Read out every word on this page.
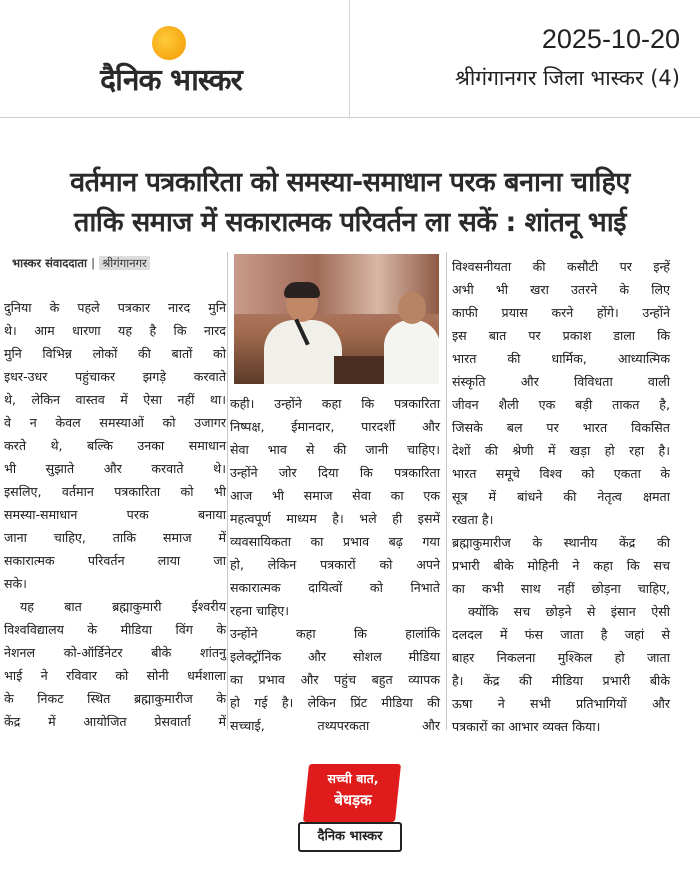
दैनिक भास्कर
2025-10-20
श्रीगंगानगर जिला भास्कर (4)
वर्तमान पत्रकारिता को समस्या-समाधान परक बनाना चाहिए
ताकि समाज में सकारात्मक परिवर्तन ला सकें : शांतनू भाई
भास्कर संवाददाता | श्रीगंगानगर

दुनिया के पहले पत्रकार नारद मुनि

थे। आम धारणा यह है कि नारद

मुनि विभिन्न लोकों की बातों को

इधर-उधर पहुंचाकर झगड़े करवाते

थे, लेकिन वास्तव में ऐसा नहीं था।

वे न केवल समस्याओं को उजागर

करते थे, बल्कि उनका समाधान

भी सुझाते और करवाते थे।

इसलिए, वर्तमान पत्रकारिता को भी

समस्या-समाधान परक बनाया

जाना चाहिए, ताकि समाज में

सकारात्मक परिवर्तन लाया जा

सके।

यह बात ब्रह्माकुमारी ईश्वरीय

विश्वविद्यालय के मीडिया विंग के

नेशनल को-ऑर्डिनेटर बीके शांतनु

भाई ने रविवार को सोनी धर्मशाला

के निकट स्थित ब्रह्माकुमारीज के

केंद्र में आयोजित प्रेसवार्ता में

कही। उन्होंने कहा कि पत्रकारिता

निष्पक्ष, ईमानदार, पारदर्शी और

सेवा भाव से की जानी चाहिए।

उन्होंने जोर दिया कि पत्रकारिता

आज भी समाज सेवा का एक

महत्वपूर्ण माध्यम है। भले ही इसमें

व्यवसायिकता का प्रभाव बढ़ गया

हो, लेकिन पत्रकारों को अपने

सकारात्मक दायित्वों को निभाते

रहना चाहिए।

उन्होंने कहा कि हालांकि

इलेक्ट्रॉनिक और सोशल मीडिया

का प्रभाव और पहुंच बहुत व्यापक

हो गई है। लेकिन प्रिंट मीडिया की

सच्चाई, तथ्यपरकता और

विश्वसनीयता की कसौटी पर इन्हें

अभी भी खरा उतरने के लिए

काफी प्रयास करने होंगे। उन्होंने

इस बात पर प्रकाश डाला कि

भारत की धार्मिक, आध्यात्मिक

संस्कृति और विविधता वाली

जीवन शैली एक बड़ी ताकत है,

जिसके बल पर भारत विकसित

देशों की श्रेणी में खड़ा हो रहा है।

भारत समूचे विश्व को एकता के

सूत्र में बांधने की नेतृत्व क्षमता

रखता है।

ब्रह्माकुमारीज के स्थानीय केंद्र की

प्रभारी बीके मोहिनी ने कहा कि सच

का कभी साथ नहीं छोड़ना चाहिए,

क्योंकि सच छोड़ने से इंसान ऐसी

दलदल में फंस जाता है जहां से

बाहर निकलना मुश्किल हो जाता

है। केंद्र की मीडिया प्रभारी बीके

ऊषा ने सभी प्रतिभागियों और

पत्रकारों का आभार व्यक्त किया।

सच्ची बात,
बेधड़क
दैनिक भास्कर
